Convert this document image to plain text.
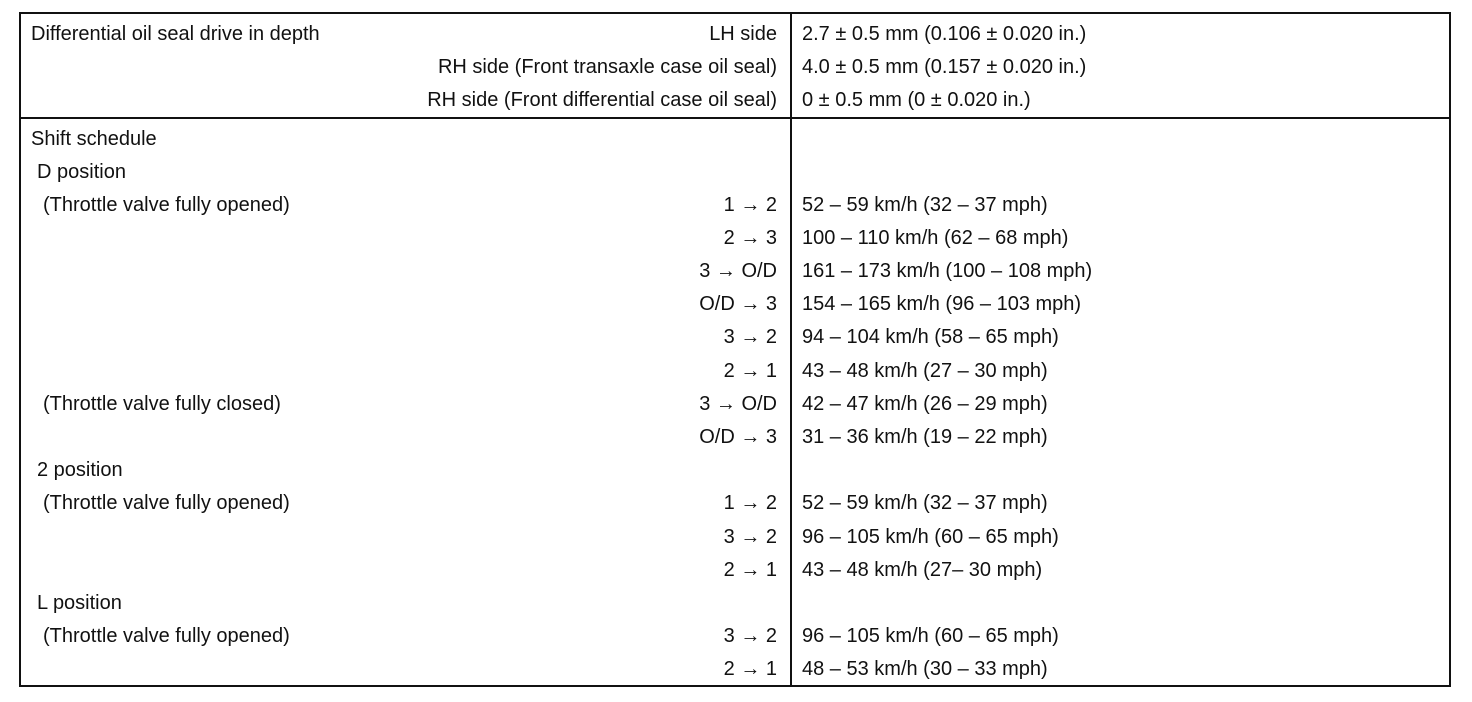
Differential oil seal drive in depth	LH side 2.7 ± 0.5 mm (0.106 ± 0.020 in.)
RH side (Front transaxle case oil seal) 4.0 ± 0.5 mm (0.157 ± 0.020 in.)
RH side (Front differential case oil seal) 0 ± 0.5 mm (0 ± 0.020 in.)
Shift schedule
D position
(Throttle valve fully opened)	1 → 2 52 – 59 km/h (32 – 37 mph)
2 → 3 100 – 110 km/h (62 – 68 mph)
3 → O/D 161 – 173 km/h (100 – 108 mph)
O/D → 3 154 – 165 km/h (96 – 103 mph)
3 → 2 94 – 104 km/h (58 – 65 mph)
2 → 1 43 – 48 km/h (27 – 30 mph)
(Throttle valve fully closed)	3 → O/D 42 – 47 km/h (26 – 29 mph)
O/D → 3 31 – 36 km/h (19 – 22 mph)
2 position
(Throttle valve fully opened)	1 → 2 52 – 59 km/h (32 – 37 mph)
3 → 2 96 – 105 km/h (60 – 65 mph)
2 → 1 43 – 48 km/h (27– 30 mph)
L position
(Throttle valve fully opened)	3 → 2 96 – 105 km/h (60 – 65 mph)
2 → 1 48 – 53 km/h (30 – 33 mph)
